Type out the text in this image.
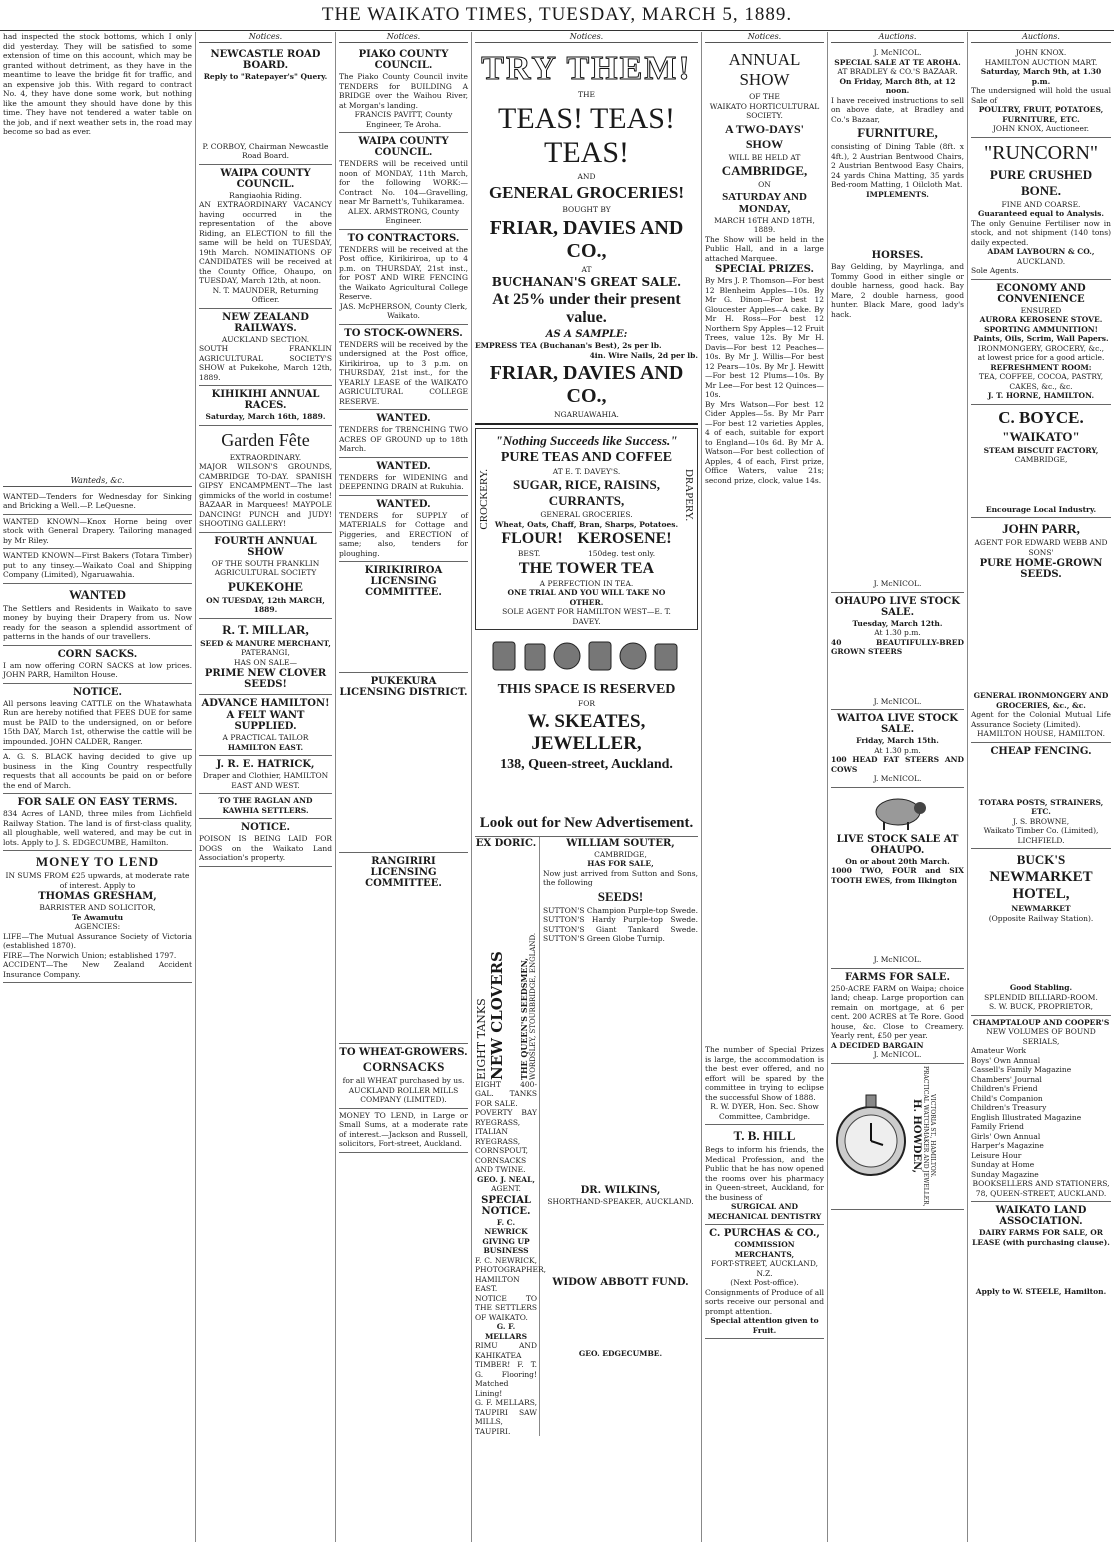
THE WAIKATO TIMES, TUESDAY, MARCH 5, 1889.

had inspected the stock bottoms, which I only did yesterday. They will be satisfied to some extension of time on this account, which may be granted without detriment, as they have in the meantime to leave the bridge fit for traffic, and an expensive job this. With regard to contract No. 4, they have done some work, but nothing like the amount they should have done by this time. They have not tendered a water table on the job, and if next weather sets in, the road may become so bad as ever.

Wanteds, &c.

WANTED—Tenders for Wednesday for Sinking and Bricking a Well.—P. LeQuesne.

WANTED KNOWN—Knox Horne being over stock with General Drapery. Tailoring managed by Mr Riley.

WANTED KNOWN—First Bakers (Totara Timber) put to any tinsey.—Waikato Coal and Shipping Company (Limited), Ngaruawahia.

WANTED

The Settlers and Residents in Waikato to save money by buying their Drapery from us. Now ready for the season a splendid assortment of patterns in the hands of our travellers.

CORN SACKS.

I am now offering CORN SACKS at low prices. JOHN PARR, Hamilton House.

NOTICE.

All persons leaving CATTLE on the Whatawhata Run are hereby notified that FEES DUE for same must be PAID to the undersigned, on or before 15th DAY, March 1st, otherwise the cattle will be impounded. JOHN CALDER, Ranger.

A. G. S. BLACK having decided to give up business in the King Country respectfully requests that all accounts be paid on or before the end of March.

FOR SALE ON EASY TERMS.

834 Acres of LAND, three miles from Lichfield Railway Station. The land is of first-class quality, all ploughable, well watered, and may be cut in lots. Apply to J. S. EDGECUMBE, Hamilton.

MONEY TO LEND

IN SUMS FROM £25 upwards, at moderate rate of interest. Apply to

THOMAS GRESHAM,
BARRISTER AND SOLICITOR,
Te Awamutu
AGENCIES:

LIFE—The Mutual Assurance Society of Victoria (established 1870).

FIRE—The Norwich Union; established 1797.

ACCIDENT—The New Zealand Accident Insurance Company.

Notices.
NEWCASTLE ROAD BOARD.
Reply to "Ratepayer's" Query.
P. CORBOY, Chairman Newcastle Road Board.
WAIPA COUNTY COUNCIL.
Rangiaohia Riding.

AN EXTRAORDINARY VACANCY having occurred in the representation of the above Riding, an ELECTION to fill the same will be held on TUESDAY, 19th March. NOMINATIONS OF CANDIDATES will be received at the County Office, Ohaupo, on TUESDAY, March 12th, at noon.

N. T. MAUNDER, Returning Officer.
NEW ZEALAND RAILWAYS.
AUCKLAND SECTION.

SOUTH FRANKLIN AGRICULTURAL SOCIETY'S SHOW at Pukekohe, March 12th, 1889.

KIHIKIHI ANNUAL RACES.
Saturday, March 16th, 1889.
Garden Fête
EXTRAORDINARY.

MAJOR WILSON'S GROUNDS, CAMBRIDGE TO-DAY. SPANISH GIPSY ENCAMPMENT—The last gimmicks of the world in costume! BAZAAR in Marquees! MAYPOLE DANCING! PUNCH and JUDY! SHOOTING GALLERY!

FOURTH ANNUAL SHOW
OF THE SOUTH FRANKLIN AGRICULTURAL SOCIETY
PUKEKOHE
ON TUESDAY, 12th MARCH, 1889.
R. T. MILLAR,
SEED & MANURE MERCHANT,
PATERANGI,
HAS ON SALE—
PRIME NEW CLOVER SEEDS!
ADVANCE HAMILTON!
A FELT WANT SUPPLIED.
A PRACTICAL TAILOR
HAMILTON EAST.
J. R. E. HATRICK,
Draper and Clothier, HAMILTON EAST AND WEST.
TO THE RAGLAN AND KAWHIA SETTLERS.
NOTICE.

POISON IS BEING LAID FOR DOGS on the Waikato Land Association's property.

Notices.
PIAKO COUNTY COUNCIL.

The Piako County Council invite TENDERS for BUILDING A BRIDGE over the Waihou River, at Morgan's landing.

FRANCIS PAVITT, County Engineer, Te Aroha.
WAIPA COUNTY COUNCIL.

TENDERS will be received until noon of MONDAY, 11th March, for the following WORK:—Contract No. 104—Gravelling, near Mr Barnett's, Tuhikaramea.

ALEX. ARMSTRONG, County Engineer.
TO CONTRACTORS.

TENDERS will be received at the Post office, Kirikiriroa, up to 4 p.m. on THURSDAY, 21st inst., for POST AND WIRE FENCING the Waikato Agricultural College Reserve.

JAS. McPHERSON, County Clerk, Waikato.
TO STOCK-OWNERS.

TENDERS will be received by the undersigned at the Post office, Kirikiriroa, up to 3 p.m. on THURSDAY, 21st inst., for the YEARLY LEASE of the WAIKATO AGRICULTURAL COLLEGE RESERVE.

WANTED.

TENDERS for TRENCHING TWO ACRES OF GROUND up to 18th March.

WANTED.

TENDERS for WIDENING and DEEPENING DRAIN at Rukuhia.

WANTED.

TENDERS for SUPPLY of MATERIALS for Cottage and Piggeries, and ERECTION of same; also, tenders for ploughing.

KIRIKIRIROA LICENSING COMMITTEE.
PUKEKURA LICENSING DISTRICT.
RANGIRIRI LICENSING COMMITTEE.
TO WHEAT-GROWERS.
CORNSACKS

for all WHEAT purchased by us. AUCKLAND ROLLER MILLS COMPANY (LIMITED).

MONEY TO LEND, in Large or Small Sums, at a moderate rate of interest.—Jackson and Russell, solicitors, Fort-street, Auckland.

Notices.
TRY THEM!
THE
TEAS! TEAS! TEAS!
AND
GENERAL GROCERIES!
BOUGHT BY
FRIAR, DAVIES AND CO.,
AT
BUCHANAN'S GREAT SALE.
At 25% under their present value.
AS A SAMPLE:
EMPRESS TEA (Buchanan's Best), 2s per lb.
4in. Wire Nails, 2d per lb.
FRIAR, DAVIES AND CO.,
NGARUAWAHIA.
CROCKERY.	DRAPERY.
"Nothing Succeeds like Success."
PURE TEAS AND COFFEE
AT E. T. DAVEY'S.
SUGAR, RICE, RAISINS, CURRANTS,
GENERAL GROCERIES.
Wheat, Oats, Chaff, Bran, Sharps, Potatoes.
FLOUR! KEROSENE!
BEST.	150deg. test only.
THE TOWER TEA
A PERFECTION IN TEA.
ONE TRIAL AND YOU WILL TAKE NO OTHER.
SOLE AGENT FOR HAMILTON WEST—E. T. DAVEY.
THIS SPACE IS RESERVED
FOR
W. SKEATES, JEWELLER,
138, Queen-street, Auckland.
Look out for New Advertisement.
EX DORIC.
EIGHT TANKS NEW CLOVERS THE QUEEN'S SEEDSMEN, WORDSLEY, STOURBRIDGE, ENGLAND.

EIGHT 400-GAL. TANKS FOR SALE.

POVERTY BAY RYEGRASS, ITALIAN RYEGRASS, CORNSPOUT, CORNSACKS AND TWINE.

GEO. J. NEAL,
AGENT.
SPECIAL NOTICE.
F. C. NEWRICK
GIVING UP BUSINESS

F. C. NEWRICK, PHOTOGRAPHER, HAMILTON EAST.

NOTICE TO THE SETTLERS OF WAIKATO.

G. F. MELLARS

RIMU AND KAHIKATEA TIMBER! F. T. G. Flooring! Matched Lining!

G. F. MELLARS, TAUPIRI SAW MILLS, TAUPIRI.

WILLIAM SOUTER,
CAMBRIDGE,
HAS FOR SALE,

Now just arrived from Sutton and Sons, the following

SEEDS!

SUTTON'S Champion Purple-top Swede. SUTTON'S Hardy Purple-top Swede. SUTTON'S Giant Tankard Swede. SUTTON'S Green Globe Turnip.

DR. WILKINS,
SHORTHAND-SPEAKER, AUCKLAND.
WIDOW ABBOTT FUND.
GEO. EDGECUMBE.
Notices.
ANNUAL SHOW
OF THE
WAIKATO HORTICULTURAL SOCIETY.
A TWO-DAYS' SHOW
WILL BE HELD AT
CAMBRIDGE,
ON
SATURDAY AND MONDAY,
MARCH 16TH AND 18TH, 1889.

The Show will be held in the Public Hall, and in a large attached Marquee.

SPECIAL PRIZES.

By Mrs J. P. Thomson—For best 12 Blenheim Apples—10s. By Mr G. Dinon—For best 12 Gloucester Apples—A cake. By Mr H. Ross—For best 12 Northern Spy Apples—12 Fruit Trees, value 12s. By Mr H. Davis—For best 12 Peaches—10s. By Mr J. Willis—For best 12 Pears—10s. By Mr J. Hewitt—For best 12 Plums—10s. By Mr Lee—For best 12 Quinces—10s.

By Mrs Watson—For best 12 Cider Apples—5s. By Mr Parr—For best 12 varieties Apples, 4 of each, suitable for export to England—10s 6d. By Mr A. Watson—For best collection of Apples, 4 of each, First prize, Office Waters, value 21s; second prize, clock, value 14s.

The number of Special Prizes is large, the accommodation is the best ever offered, and no effort will be spared by the committee in trying to eclipse the successful Show of 1888.

R. W. DYER, Hon. Sec. Show Committee, Cambridge.
T. B. HILL

Begs to inform his friends, the Medical Profession, and the Public that he has now opened the rooms over his pharmacy in Queen-street, Auckland, for the business of

SURGICAL AND MECHANICAL DENTISTRY
C. PURCHAS & CO.,
COMMISSION MERCHANTS,
FORT-STREET, AUCKLAND, N.Z.
(Next Post-office).

Consignments of Produce of all sorts receive our personal and prompt attention.

Special attention given to Fruit.
Auctions.
J. McNICOL.
SPECIAL SALE AT TE AROHA.
AT BRADLEY & CO.'S BAZAAR.
On Friday, March 8th, at 12 noon.

I have received instructions to sell on above date, at Bradley and Co.'s Bazaar,

FURNITURE,

consisting of Dining Table (8ft. x 4ft.), 2 Austrian Bentwood Chairs, 2 Austrian Bentwood Easy Chairs, 24 yards China Matting, 35 yards Bed-room Matting, 1 Oilcloth Mat.

IMPLEMENTS.
HORSES.

Bay Gelding, by Mayrlinga, and Tommy Good in either single or double harness, good hack. Bay Mare, 2 double harness, good hunter. Black Mare, good lady's hack.

J. McNICOL.
OHAUPO LIVE STOCK SALE.
Tuesday, March 12th.
At 1.30 p.m.
40 BEAUTIFULLY-BRED GROWN STEERS
J. McNICOL.
WAITOA LIVE STOCK SALE.
Friday, March 15th.
At 1.30 p.m.
100 HEAD FAT STEERS AND COWS
J. McNICOL.
LIVE STOCK SALE AT OHAUPO.
On or about 20th March.
1000 TWO, FOUR and SIX TOOTH EWES, from Ilkington
J. McNICOL.
FARMS FOR SALE.

250-ACRE FARM on Waipa; choice land; cheap. Large proportion can remain on mortgage, at 6 per cent. 200 ACRES at Te Rore. Good house, &c. Close to Creamery. Yearly rent, £50 per year.

A DECIDED BARGAIN
J. McNICOL.
H. HOWDEN, PRACTICAL WATCHMAKER AND JEWELLER, VICTORIA ST., HAMILTON.
Auctions.
JOHN KNOX.
HAMILTON AUCTION MART.
Saturday, March 9th, at 1.30 p.m.

The undersigned will hold the usual Sale of

POULTRY, FRUIT, POTATOES, FURNITURE, ETC.
JOHN KNOX, Auctioneer.
"RUNCORN"
PURE CRUSHED BONE.
FINE AND COARSE.
Guaranteed equal to Analysis.

The only Genuine Fertiliser now in stock, and not shipment (140 tons) daily expected.

ADAM LAYBOURN & CO.,
AUCKLAND.
Sole Agents.
ECONOMY AND CONVENIENCE
ENSURED
AURORA KEROSENE STOVE.
SPORTING AMMUNITION!
Paints, Oils, Scrim, Wall Papers.
IRONMONGERY, GROCERY, &c.,
at lowest price for a good article.
REFRESHMENT ROOM:
TEA, COFFEE, COCOA, PASTRY, CAKES, &c., &c.
J. T. HORNE, HAMILTON.
C. BOYCE.
"WAIKATO"
STEAM BISCUIT FACTORY,
CAMBRIDGE,
Encourage Local Industry.
JOHN PARR,
AGENT FOR EDWARD WEBB AND SONS'
PURE HOME-GROWN SEEDS.
GENERAL IRONMONGERY AND GROCERIES, &c., &c.

Agent for the Colonial Mutual Life Assurance Society (Limited).

HAMILTON HOUSE, HAMILTON.
CHEAP FENCING.
TOTARA POSTS, STRAINERS, ETC.
J. S. BROWNE,
Waikato Timber Co. (Limited), LICHFIELD.
BUCK'S
NEWMARKET HOTEL,
NEWMARKET
(Opposite Railway Station).
Good Stabling.
SPLENDID BILLIARD-ROOM.
S. W. BUCK, PROPRIETOR,
CHAMPTALOUP AND COOPER'S
NEW VOLUMES OF BOUND SERIALS,
Amateur Work
Boys' Own Annual
Cassell's Family Magazine
Chambers' Journal
Children's Friend
Child's Companion
Children's Treasury
English Illustrated Magazine
Family Friend
Girls' Own Annual
Harper's Magazine
Leisure Hour
Sunday at Home
Sunday Magazine
BOOKSELLERS AND STATIONERS, 78, QUEEN-STREET, AUCKLAND.
WAIKATO LAND ASSOCIATION.
DAIRY FARMS FOR SALE, OR LEASE (with purchasing clause).
Apply to W. STEELE, Hamilton.
